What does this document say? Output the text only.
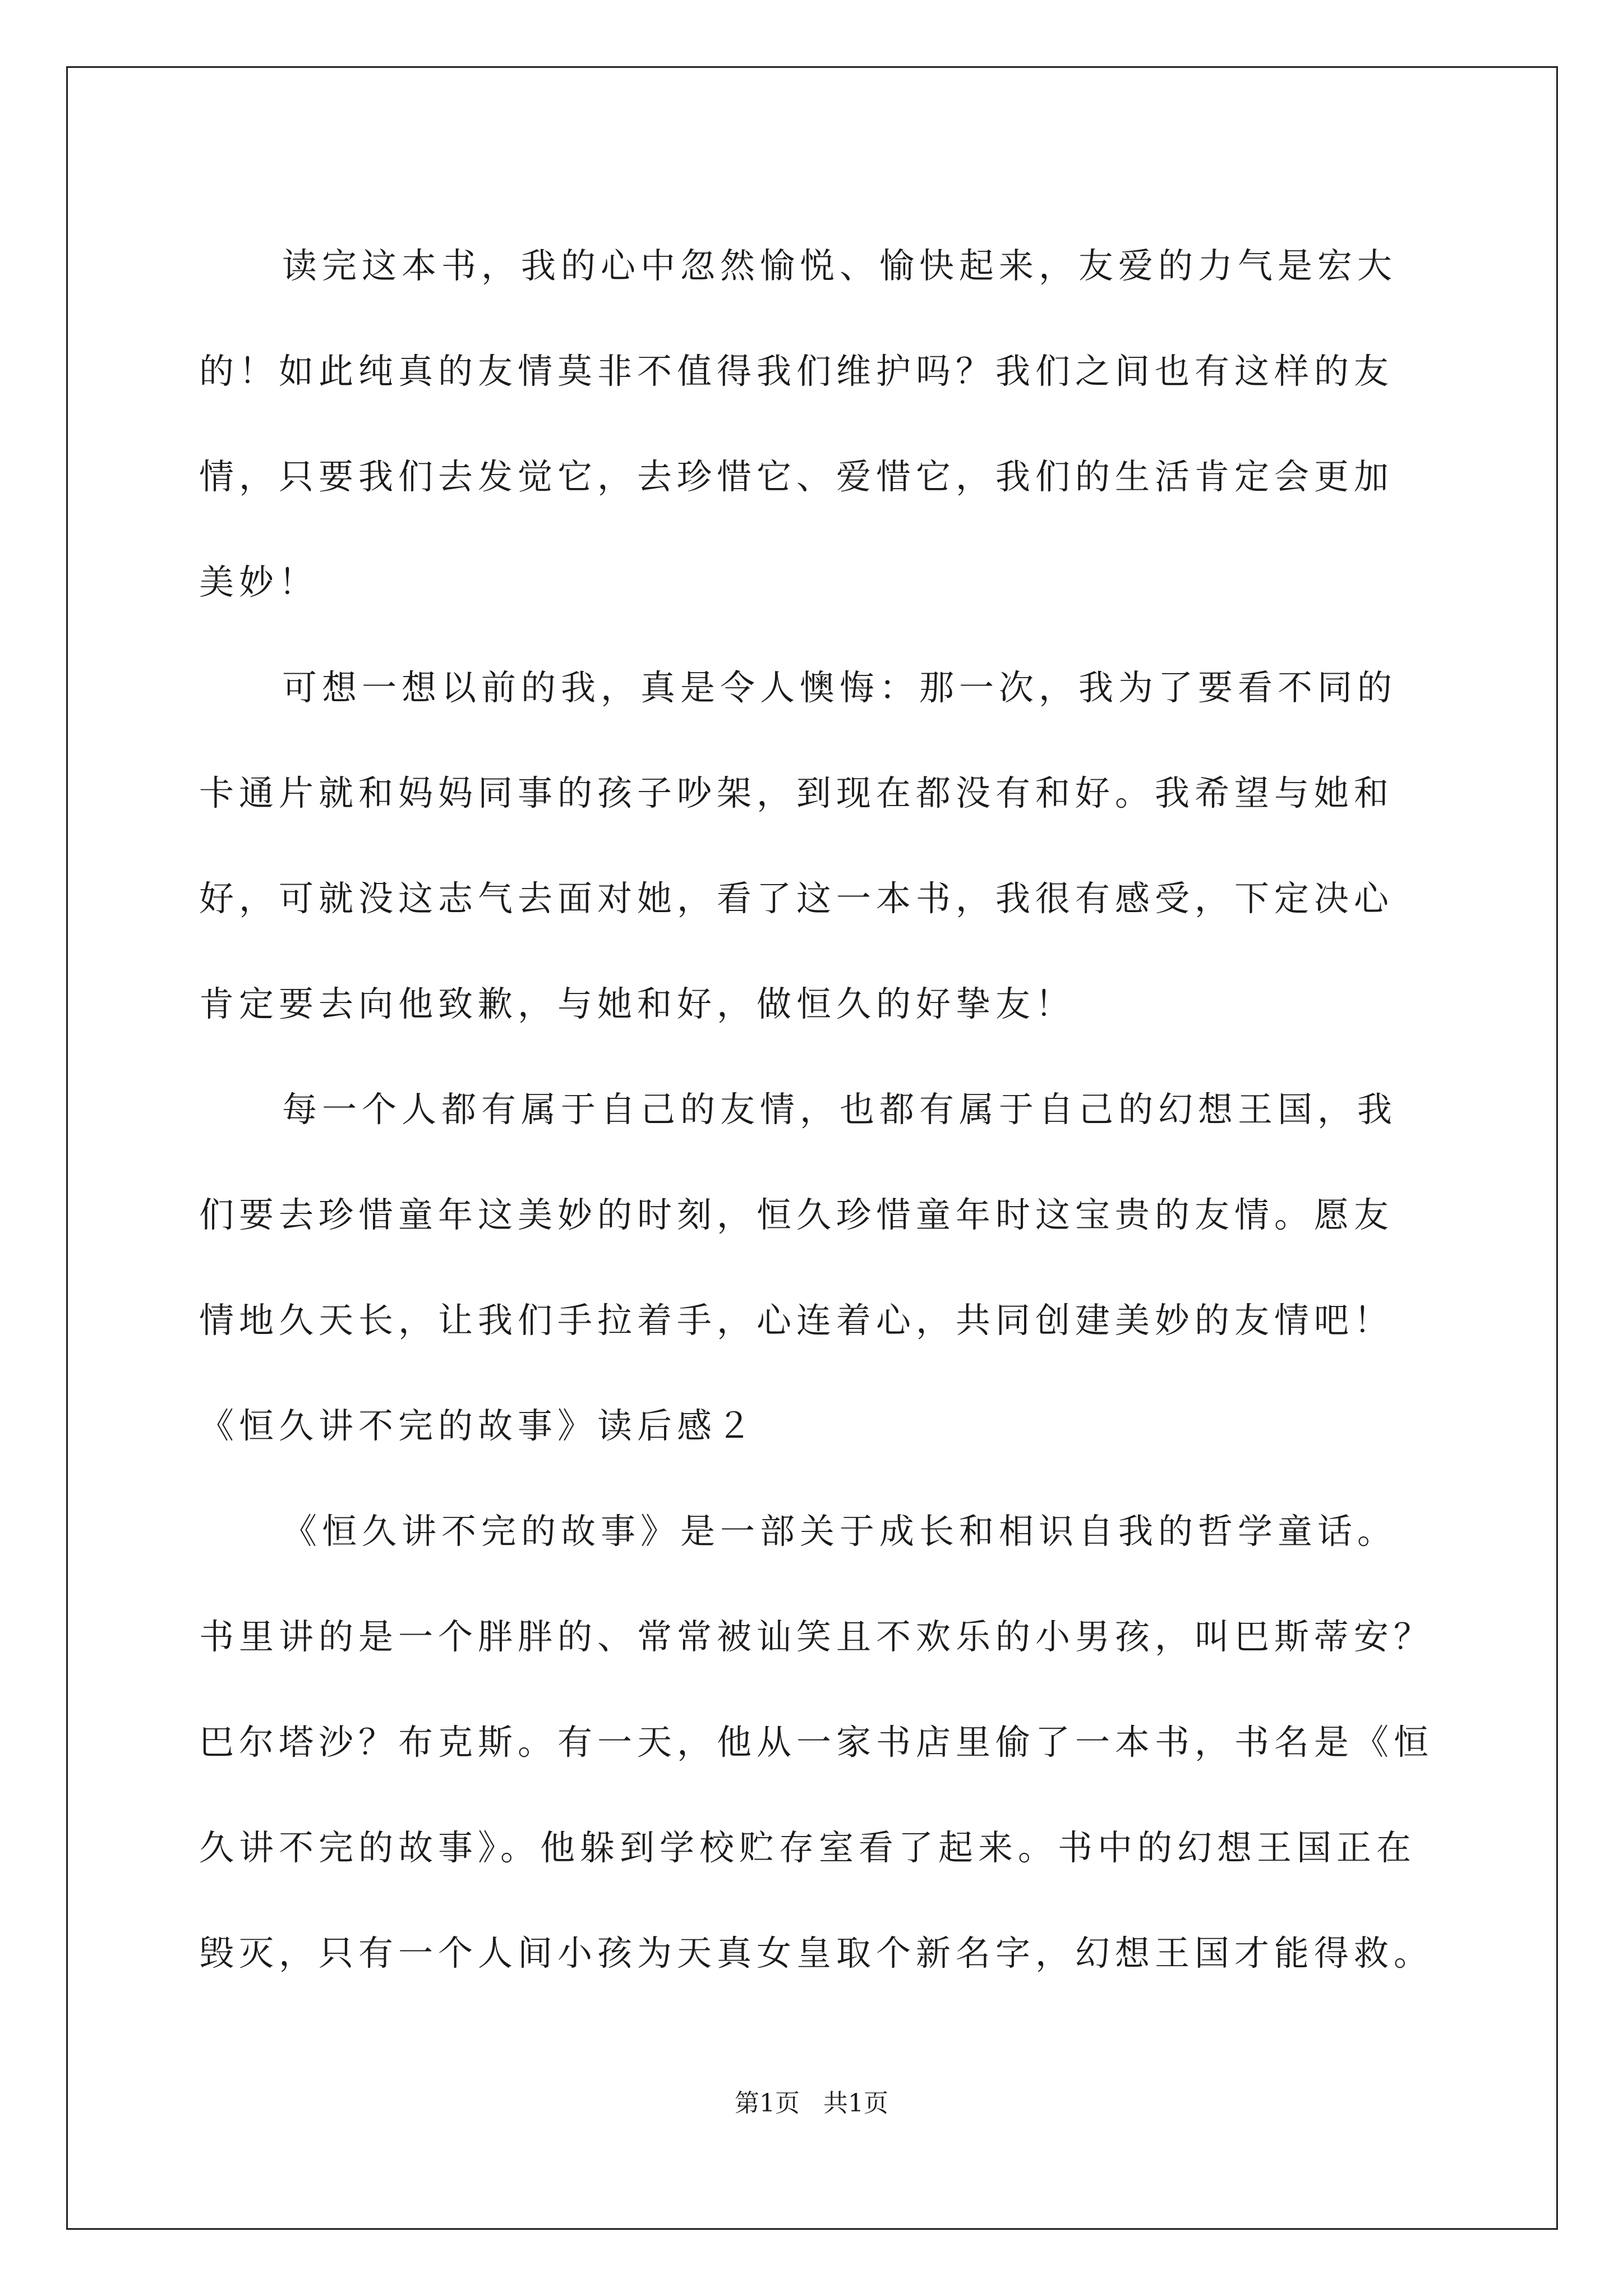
读完这本书，我的心中忽然愉悦、愉快起来，友爱的力气是宏大
的！如此纯真的友情莫非不值得我们维护吗？我们之间也有这样的友
情，只要我们去发觉它，去珍惜它、爱惜它，我们的生活肯定会更加
美妙！
可想一想以前的我，真是令人懊悔：那一次，我为了要看不同的
卡通片就和妈妈同事的孩子吵架，到现在都没有和好。我希望与她和
好，可就没这志气去面对她，看了这一本书，我很有感受，下定决心
肯定要去向他致歉，与她和好，做恒久的好挚友！
每一个人都有属于自己的友情，也都有属于自己的幻想王国，我
们要去珍惜童年这美妙的时刻，恒久珍惜童年时这宝贵的友情。愿友
情地久天长，让我们手拉着手，心连着心，共同创建美妙的友情吧！
《恒久讲不完的故事》读后感２
《恒久讲不完的故事》是一部关于成长和相识自我的哲学童话。
书里讲的是一个胖胖的、常常被讪笑且不欢乐的小男孩，叫巴斯蒂安？
巴尔塔沙？布克斯。有一天，他从一家书店里偷了一本书，书名是《恒
久讲不完的故事》。他躲到学校贮存室看了起来。书中的幻想王国正在
毁灭，只有一个人间小孩为天真女皇取个新名字，幻想王国才能得救。
第1页   共1页
